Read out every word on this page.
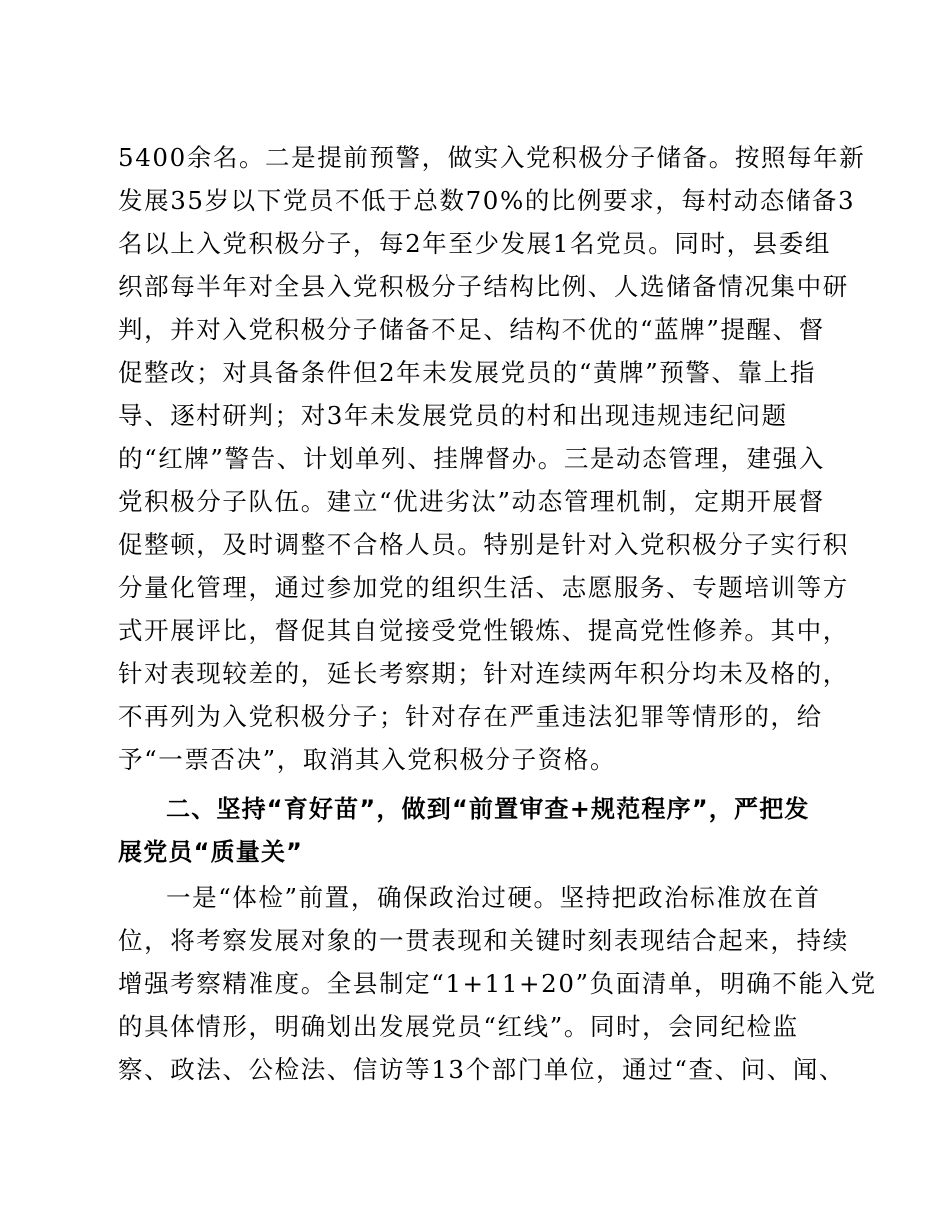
5400余名。二是提前预警，做实入党积极分子储备。按照每年新
发展35岁以下党员不低于总数70%的比例要求，每村动态储备3
名以上入党积极分子，每2年至少发展1名党员。同时，县委组
织部每半年对全县入党积极分子结构比例、人选储备情况集中研
判，并对入党积极分子储备不足、结构不优的“蓝牌”提醒、督
促整改；对具备条件但2年未发展党员的“黄牌”预警、靠上指
导、逐村研判；对3年未发展党员的村和出现违规违纪问题
的“红牌”警告、计划单列、挂牌督办。三是动态管理，建强入
党积极分子队伍。建立“优进劣汰”动态管理机制，定期开展督
促整顿，及时调整不合格人员。特别是针对入党积极分子实行积
分量化管理，通过参加党的组织生活、志愿服务、专题培训等方
式开展评比，督促其自觉接受党性锻炼、提高党性修养。其中，
针对表现较差的，延长考察期；针对连续两年积分均未及格的，
不再列为入党积极分子；针对存在严重违法犯罪等情形的，给
予“一票否决”，取消其入党积极分子资格。
二、坚持“育好苗”，做到“前置审查+规范程序”，严把发
展党员“质量关”
一是“体检”前置，确保政治过硬。坚持把政治标准放在首
位，将考察发展对象的一贯表现和关键时刻表现结合起来，持续
增强考察精准度。全县制定“1+11+20”负面清单，明确不能入党
的具体情形，明确划出发展党员“红线”。同时，会同纪检监
察、政法、公检法、信访等13个部门单位，通过“查、问、闻、
